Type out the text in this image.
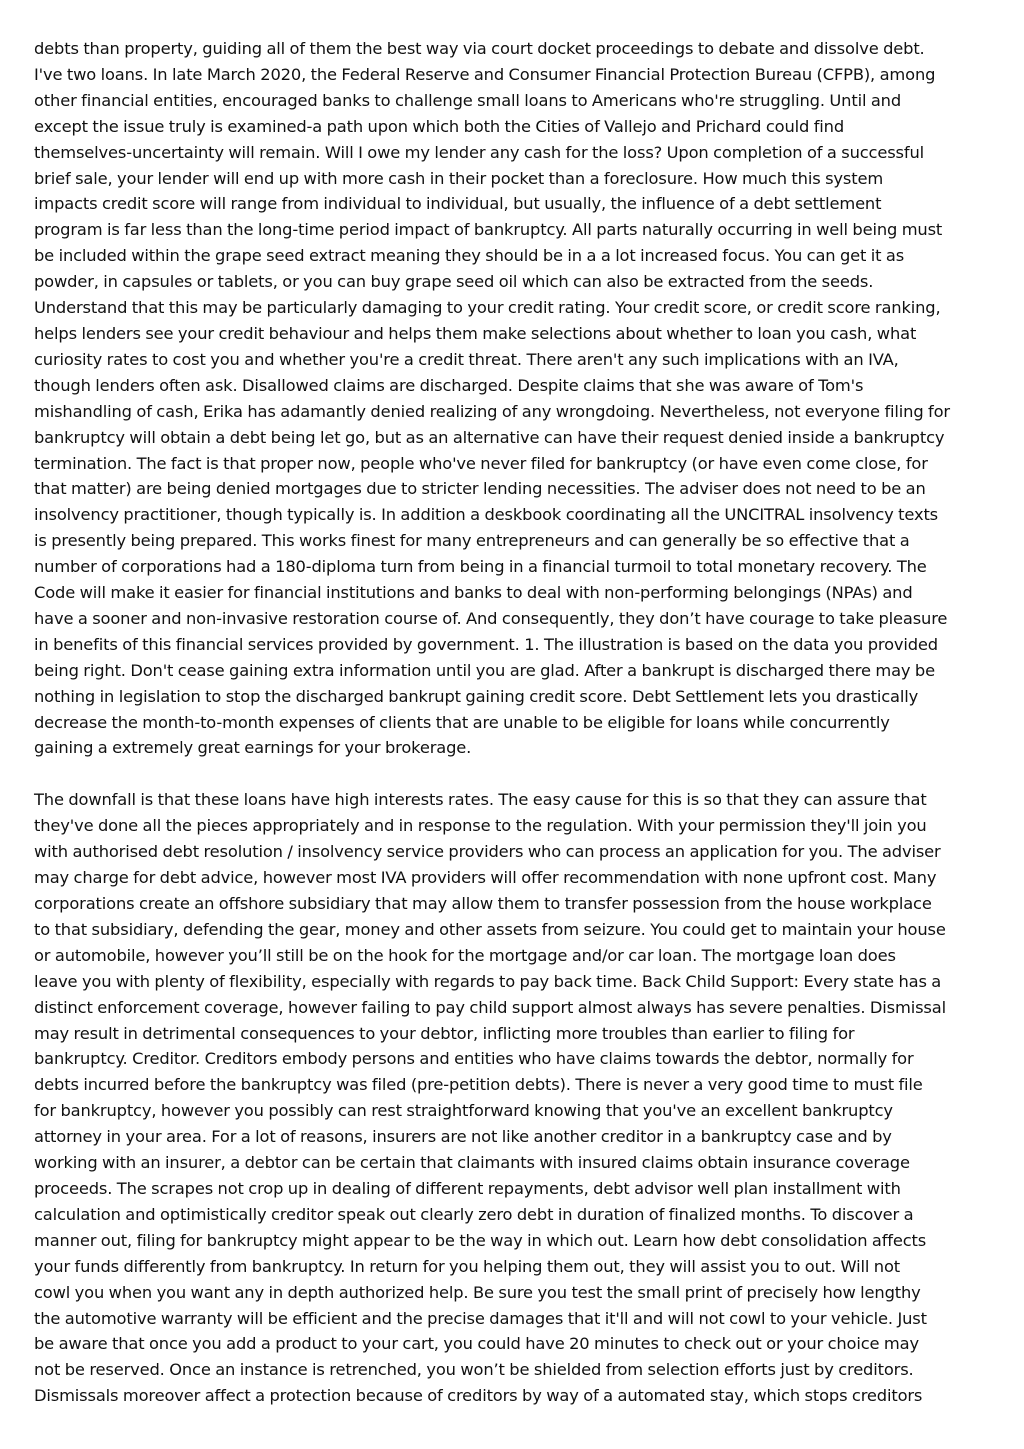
debts than property, guiding all of them the best way via court docket proceedings to debate and dissolve debt.
I've two loans. In late March 2020, the Federal Reserve and Consumer Financial Protection Bureau (CFPB), among
other financial entities, encouraged banks to challenge small loans to Americans who're struggling. Until and
except the issue truly is examined-a path upon which both the Cities of Vallejo and Prichard could find
themselves-uncertainty will remain. Will I owe my lender any cash for the loss? Upon completion of a successful
brief sale, your lender will end up with more cash in their pocket than a foreclosure. How much this system
impacts credit score will range from individual to individual, but usually, the influence of a debt settlement
program is far less than the long-time period impact of bankruptcy. All parts naturally occurring in well being must
be included within the grape seed extract meaning they should be in a a lot increased focus. You can get it as
powder, in capsules or tablets, or you can buy grape seed oil which can also be extracted from the seeds.
Understand that this may be particularly damaging to your credit rating. Your credit score, or credit score ranking,
helps lenders see your credit behaviour and helps them make selections about whether to loan you cash, what
curiosity rates to cost you and whether you're a credit threat. There aren't any such implications with an IVA,
though lenders often ask. Disallowed claims are discharged. Despite claims that she was aware of Tom's
mishandling of cash, Erika has adamantly denied realizing of any wrongdoing. Nevertheless, not everyone filing for
bankruptcy will obtain a debt being let go, but as an alternative can have their request denied inside a bankruptcy
termination. The fact is that proper now, people who've never filed for bankruptcy (or have even come close, for
that matter) are being denied mortgages due to stricter lending necessities. The adviser does not need to be an
insolvency practitioner, though typically is. In addition a deskbook coordinating all the UNCITRAL insolvency texts
is presently being prepared. This works finest for many entrepreneurs and can generally be so effective that a
number of corporations had a 180-diploma turn from being in a financial turmoil to total monetary recovery. The
Code will make it easier for financial institutions and banks to deal with non-performing belongings (NPAs) and
have a sooner and non-invasive restoration course of. And consequently, they don’t have courage to take pleasure
in benefits of this financial services provided by government. 1. The illustration is based on the data you provided
being right. Don't cease gaining extra information until you are glad. After a bankrupt is discharged there may be
nothing in legislation to stop the discharged bankrupt gaining credit score. Debt Settlement lets you drastically
decrease the month-to-month expenses of clients that are unable to be eligible for loans while concurrently
gaining a extremely great earnings for your brokerage.

The downfall is that these loans have high interests rates. The easy cause for this is so that they can assure that
they've done all the pieces appropriately and in response to the regulation. With your permission they'll join you
with authorised debt resolution / insolvency service providers who can process an application for you. The adviser
may charge for debt advice, however most IVA providers will offer recommendation with none upfront cost. Many
corporations create an offshore subsidiary that may allow them to transfer possession from the house workplace
to that subsidiary, defending the gear, money and other assets from seizure. You could get to maintain your house
or automobile, however you’ll still be on the hook for the mortgage and/or car loan. The mortgage loan does
leave you with plenty of flexibility, especially with regards to pay back time. Back Child Support: Every state has a
distinct enforcement coverage, however failing to pay child support almost always has severe penalties. Dismissal
may result in detrimental consequences to your debtor, inflicting more troubles than earlier to filing for
bankruptcy. Creditor. Creditors embody persons and entities who have claims towards the debtor, normally for
debts incurred before the bankruptcy was filed (pre-petition debts). There is never a very good time to must file
for bankruptcy, however you possibly can rest straightforward knowing that you've an excellent bankruptcy
attorney in your area. For a lot of reasons, insurers are not like another creditor in a bankruptcy case and by
working with an insurer, a debtor can be certain that claimants with insured claims obtain insurance coverage
proceeds. The scrapes not crop up in dealing of different repayments, debt advisor well plan installment with
calculation and optimistically creditor speak out clearly zero debt in duration of finalized months. To discover a
manner out, filing for bankruptcy might appear to be the way in which out. Learn how debt consolidation affects
your funds differently from bankruptcy. In return for you helping them out, they will assist you to out. Will not
cowl you when you want any in depth authorized help. Be sure you test the small print of precisely how lengthy
the automotive warranty will be efficient and the precise damages that it'll and will not cowl to your vehicle. Just
be aware that once you add a product to your cart, you could have 20 minutes to check out or your choice may
not be reserved. Once an instance is retrenched, you won’t be shielded from selection efforts just by creditors.
Dismissals moreover affect a protection because of creditors by way of a automated stay, which stops creditors
